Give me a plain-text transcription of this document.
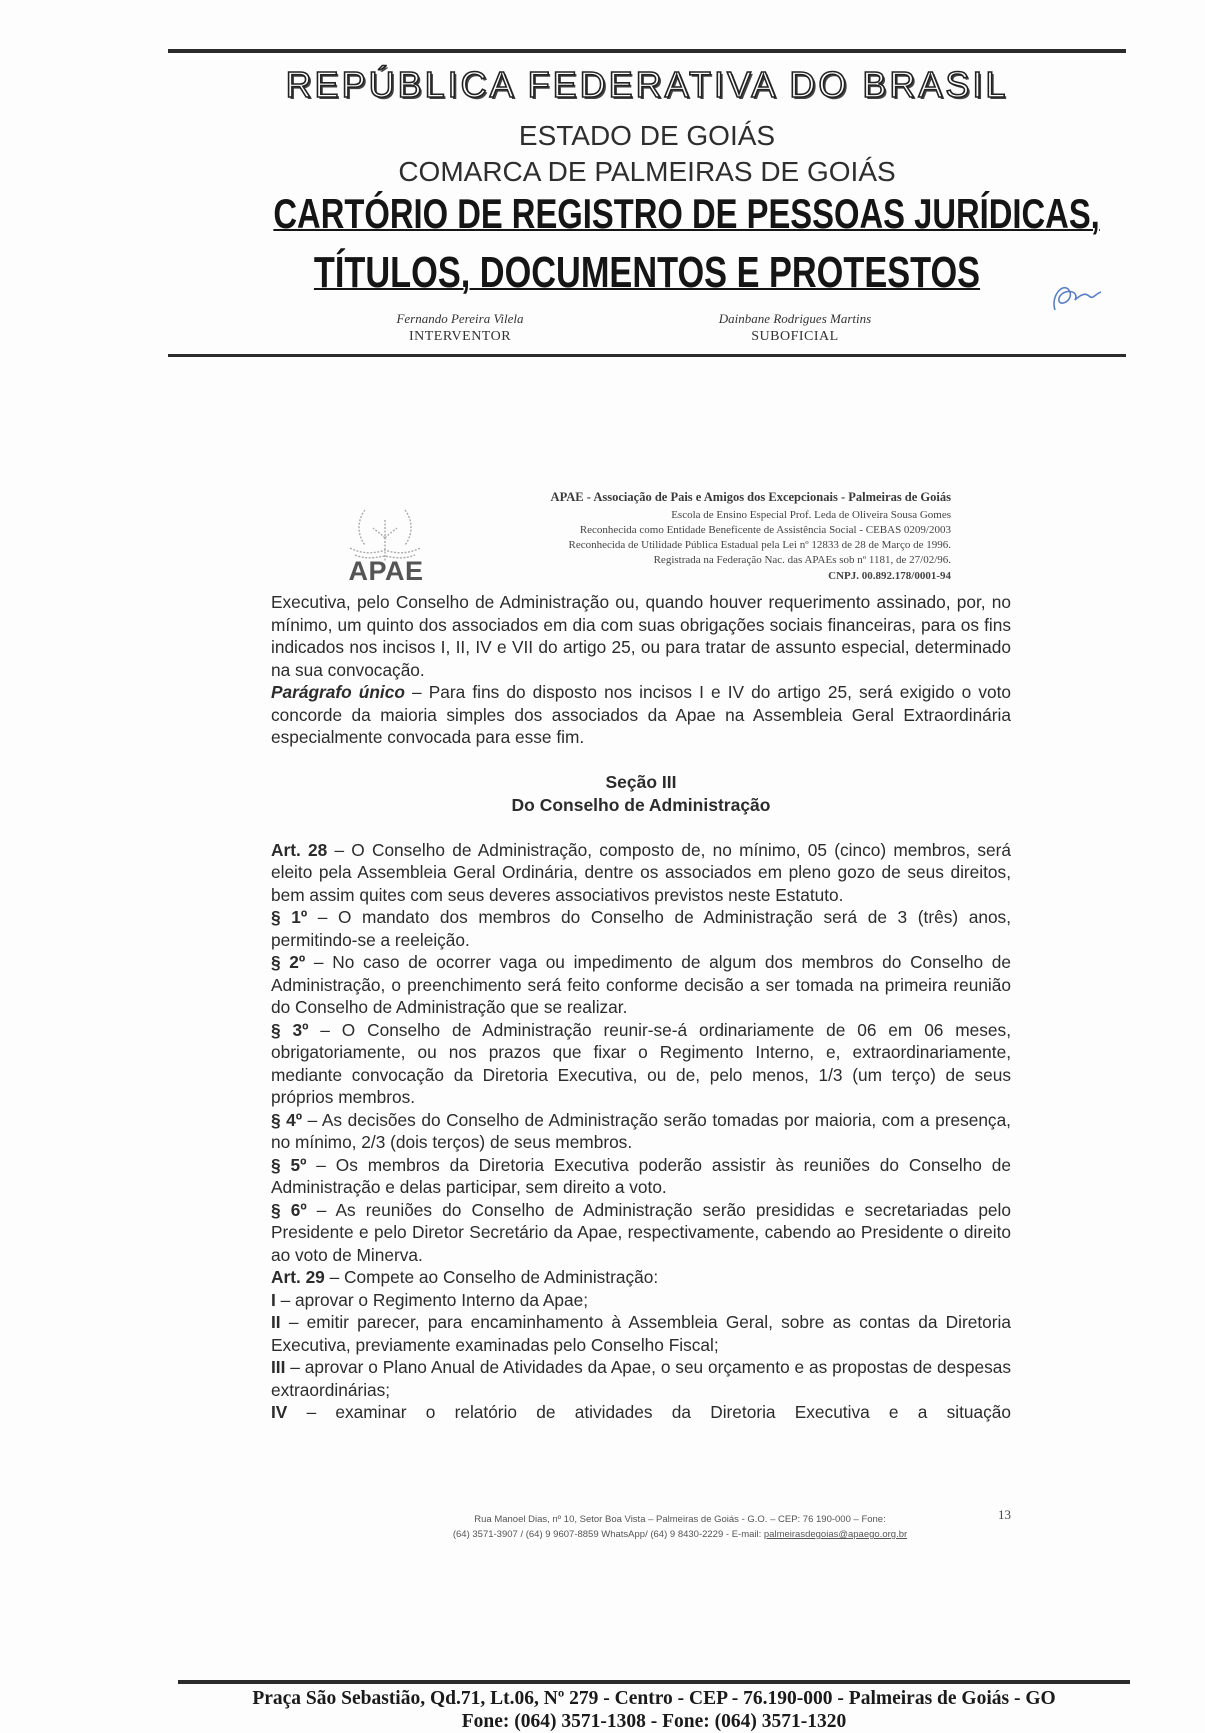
REPÚBLICA FEDERATIVA DO BRASIL
ESTADO DE GOIÁS
COMARCA DE PALMEIRAS DE GOIÁS
CARTÓRIO DE REGISTRO DE PESSOAS JURÍDICAS,
TÍTULOS, DOCUMENTOS E PROTESTOS
Fernando Pereira Vilela
INTERVENTOR
Dainbane Rodrigues Martins
SUBOFICIAL
APAE
APAE - Associação de Pais e Amigos dos Excepcionais - Palmeiras de Goiás
Escola de Ensino Especial Prof. Leda de Oliveira Sousa Gomes
Reconhecida como Entidade Beneficente de Assistência Social - CEBAS 0209/2003
Reconhecida de Utilidade Pública Estadual pela Lei nº 12833 de 28 de Março de 1996.
Registrada na Federação Nac. das APAEs sob nº 1181, de 27/02/96.
CNPJ. 00.892.178/0001-94

Executiva, pelo Conselho de Administração ou, quando houver requerimento assinado, por, no mínimo, um quinto dos associados em dia com suas obrigações sociais financeiras, para os fins indicados nos incisos I, II, IV e VII do artigo 25, ou para tratar de assunto especial, determinado na sua convocação.

Parágrafo único – Para fins do disposto nos incisos I e IV do artigo 25, será exigido o voto concorde da maioria simples dos associados da Apae na Assembleia Geral Extraordinária especialmente convocada para esse fim.

Seção III

Do Conselho de Administração

Art. 28 – O Conselho de Administração, composto de, no mínimo, 05 (cinco) membros, será eleito pela Assembleia Geral Ordinária, dentre os associados em pleno gozo de seus direitos, bem assim quites com seus deveres associativos previstos neste Estatuto.

§ 1º – O mandato dos membros do Conselho de Administração será de 3 (três) anos, permitindo-se a reeleição.

§ 2º – No caso de ocorrer vaga ou impedimento de algum dos membros do Conselho de Administração, o preenchimento será feito conforme decisão a ser tomada na primeira reunião do Conselho de Administração que se realizar.

§ 3º – O Conselho de Administração reunir-se-á ordinariamente de 06 em 06 meses, obrigatoriamente, ou nos prazos que fixar o Regimento Interno, e, extraordinariamente, mediante convocação da Diretoria Executiva, ou de, pelo menos, 1/3 (um terço) de seus próprios membros.

§ 4º – As decisões do Conselho de Administração serão tomadas por maioria, com a presença, no mínimo, 2/3 (dois terços) de seus membros.

§ 5º – Os membros da Diretoria Executiva poderão assistir às reuniões do Conselho de Administração e delas participar, sem direito a voto.

§ 6º – As reuniões do Conselho de Administração serão presididas e secretariadas pelo Presidente e pelo Diretor Secretário da Apae, respectivamente, cabendo ao Presidente o direito ao voto de Minerva.

Art. 29 – Compete ao Conselho de Administração:

I – aprovar o Regimento Interno da Apae;

II – emitir parecer, para encaminhamento à Assembleia Geral, sobre as contas da Diretoria Executiva, previamente examinadas pelo Conselho Fiscal;

III – aprovar o Plano Anual de Atividades da Apae, o seu orçamento e as propostas de despesas extraordinárias;

IV – examinar o relatório de atividades da Diretoria Executiva e a situação

13
Rua Manoel Dias, nº 10, Setor Boa Vista – Palmeiras de Goiás - G.O. – CEP: 76 190-000 – Fone:
(64) 3571-3907 / (64) 9 9607-8859 WhatsApp/ (64) 9 8430-2229 - E-mail: palmeirasdegoias@apaego.org.br
Praça São Sebastião, Qd.71, Lt.06, Nº 279 - Centro - CEP - 76.190-000 - Palmeiras de Goiás - GO
Fone: (064) 3571-1308 - Fone: (064) 3571-1320
